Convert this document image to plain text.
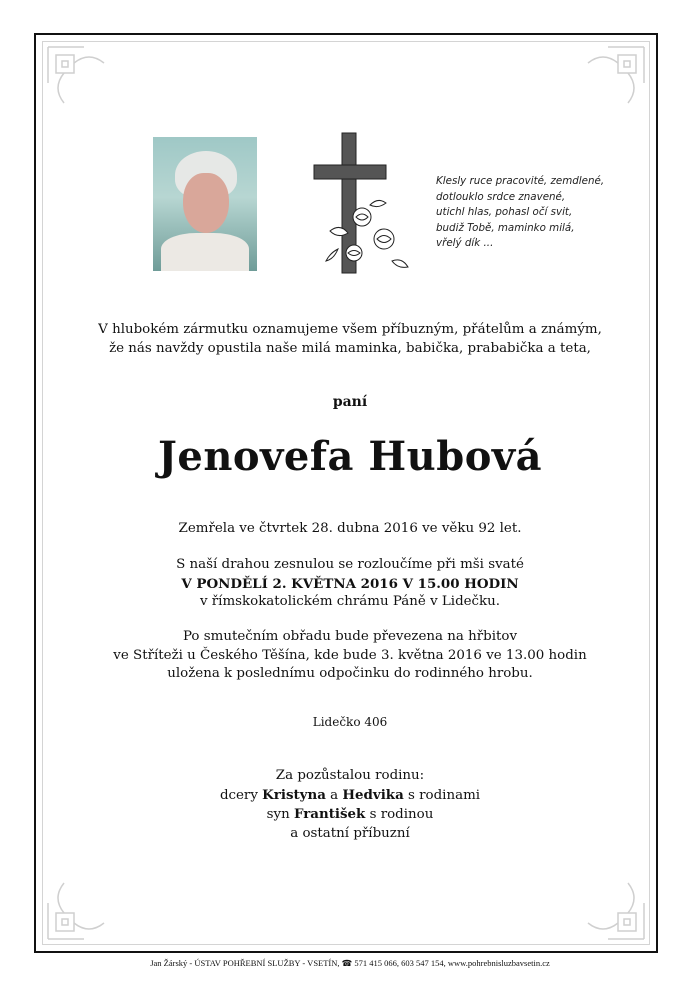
Klesly ruce pracovité, zemdlené,
dotlouklo srdce znavené,
utichl hlas, pohasl očí svit,
budiž Tobě, maminko milá,
vřelý dík ...
V hlubokém zármutku oznamujeme všem příbuzným, přátelům a známým,
že nás navždy opustila naše milá maminka, babička, prababička a teta,
paní
Jenovefa Hubová
Zemřela ve čtvrtek 28. dubna 2016 ve věku 92 let.
S naší drahou zesnulou se rozloučíme při mši svaté
V PONDĚLÍ 2. KVĚTNA 2016 V 15.00 HODIN
v římskokatolickém chrámu Páně v Lidečku.
Po smutečním obřadu bude převezena na hřbitov
ve Stříteži u Českého Těšína, kde bude 3. května 2016 ve 13.00 hodin
uložena k poslednímu odpočinku do rodinného hrobu.
Lidečko 406
Za pozůstalou rodinu:
dcery Kristyna a Hedvika s rodinami
syn František s rodinou
a ostatní příbuzní
Jan Žárský - ÚSTAV POHŘEBNÍ SLUŽBY - VSETÍN, ☎ 571 415 066, 603 547 154, www.pohrebnisluzbavsetin.cz
